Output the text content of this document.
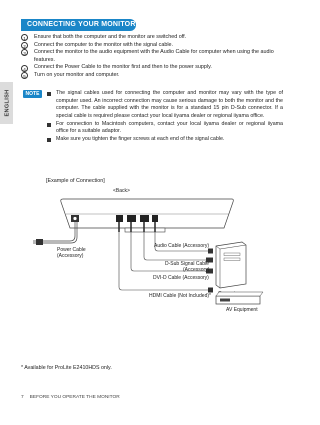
ENGLISH
CONNECTING YOUR MONITOR
1	Ensure that both the computer and the monitor are switched off.
2	Connect the computer to the monitor with the signal cable.
3	Connect the monitor to the audio equipment with the Audio Cable for computer when using the audio features.
4	Connect the Power Cable to the monitor first and then to the power supply.
5	Turn on your monitor and computer.
NOTE	The signal cables used for connecting the computer and monitor may vary with the type of computer used. An incorrect connection may cause serious damage to both the monitor and the computer. The cable supplied with the monitor is for a standard 15 pin D-Sub connector. If a special cable is required please contact your local iiyama dealer or regional iiyama office.
For connection to Macintosh computers, contact your local iiyama dealer or regional iiyama office for a suitable adaptor.
Make sure you tighten the finger screws at each end of the signal cable.
[Example of Connection]
<Back>
Power Cable
(Accessory)
Audio Cable (Accessory)
D-Sub Signal Cable
(Accessory)
DVI-D Cable (Accessory)
HDMI Cable (Not Included)*
AV Equipment
* Available for ProLite E2410HDS only.
7 BEFORE YOU OPERATE THE MONITOR
